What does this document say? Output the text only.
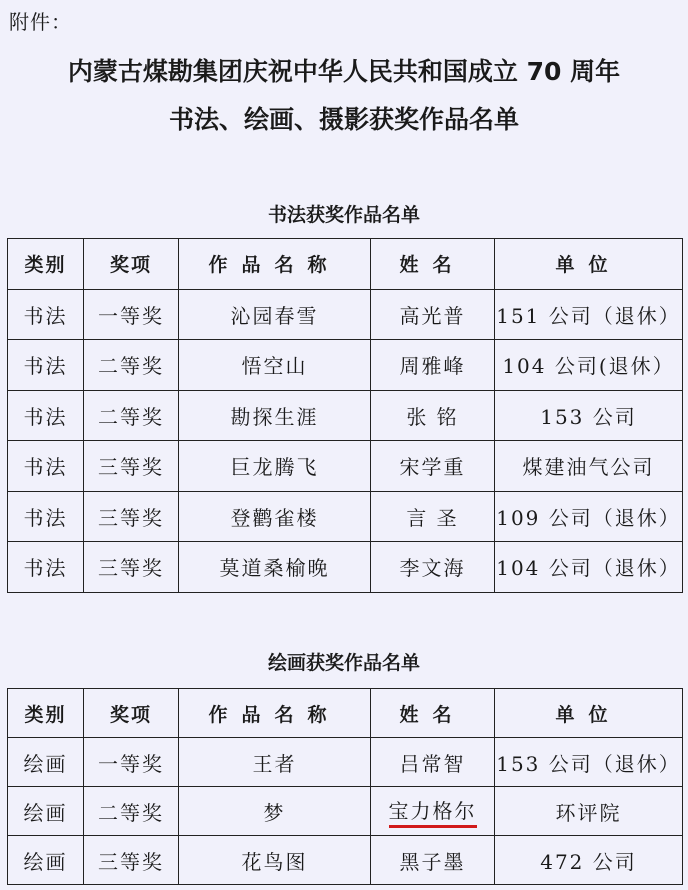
附件：
内蒙古煤勘集团庆祝中华人民共和国成立 70 周年
书法、绘画、摄影获奖作品名单
书法获奖作品名单
类别	奖项	作品名称	姓名	单位
书法	一等奖	沁园春雪	高光普	151 公司（退休）
书法	二等奖	悟空山	周雅峰	104 公司(退休）
书法	二等奖	勘探生涯	张 铭	153 公司
书法	三等奖	巨龙腾飞	宋学重	煤建油气公司
书法	三等奖	登鹳雀楼	言 圣	109 公司（退休）
书法	三等奖	莫道桑榆晚	李文海	104 公司（退休）
绘画获奖作品名单
类别	奖项	作品名称	姓名	单位
绘画	一等奖	王者	吕常智	153 公司（退休）
绘画	二等奖	梦	宝力格尔	环评院
绘画	三等奖	花鸟图	黑子墨	472 公司
